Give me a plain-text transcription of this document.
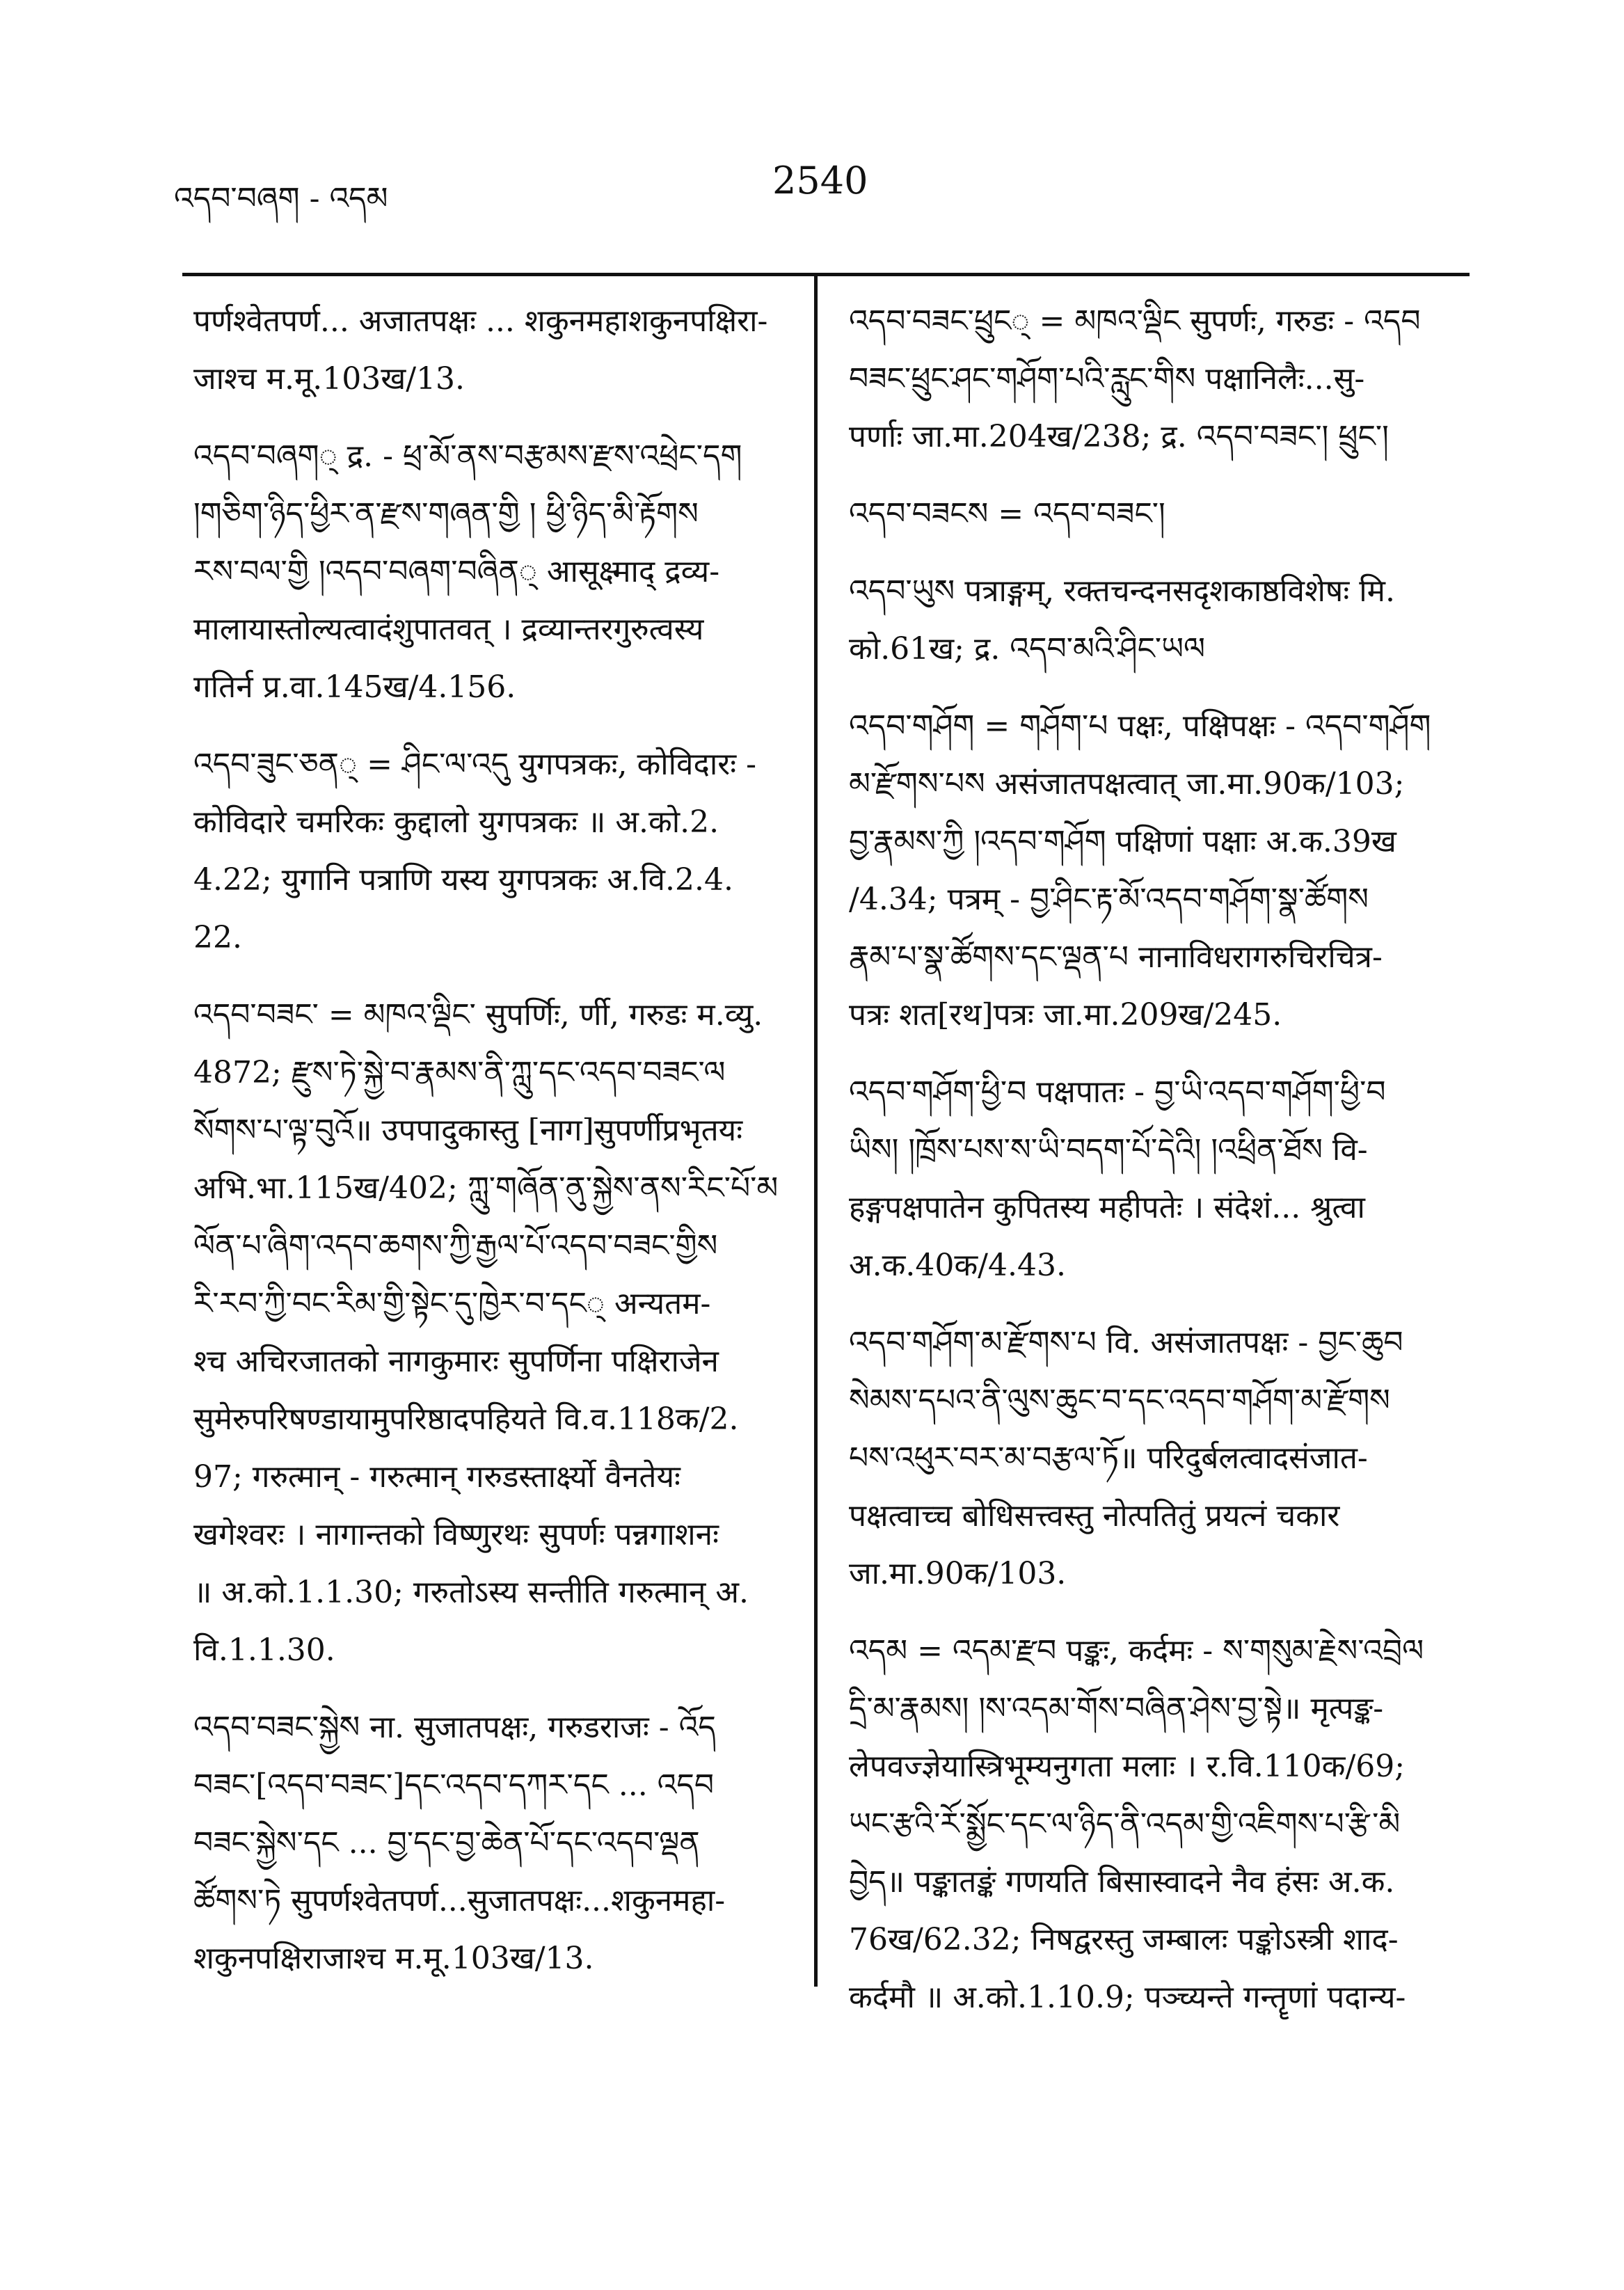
འདབ་བཞག - འདམ	2540

पर्णश्वेतपर्ण... अजातपक्षः ... शकुनमहाशकुनपक्षिरा-
जाश्च म.मू.103ख/13.

འདབ་བཞག् द्र. - ཕྲ་མོ་ནས་བརྩམས་རྫས་འཕྲེང་དག
།གཅིག་ཉིད་ཕྱིར་ན་རྫས་གཞན་གྱི ། ཕྱི་ཉིད་མི་རྟོགས
རས་བལ་གྱི །འདབ་བཞག་བཞིན् आसूक्ष्माद् द्रव्य-
मालायास्तोल्यत्वादंशुपातवत् । द्रव्यान्तरगुरुत्वस्य
गतिर्न प्र.वा.145ख/4.156.

འདབ་ཟུང་ཅན् = ཤིང་ལ་འདུ युगपत्रकः, कोविदारः -
कोविदारे चमरिकः कुद्दालो युगपत्रकः ॥ अ.को.2.
4.22; युगानि पत्राणि यस्य युगपत्रकः अ.वि.2.4.
22.

འདབ་བཟང་ = མཁའ་ལྡིང་ सुपर्णिः, र्णी, गरुडः म.व्यु.
4872; རྫུས་ཏེ་སྐྱེ་བ་རྣམས་ནི་ཀླུ་དང་འདབ་བཟང་ལ
སོགས་པ་ལྟ་བུའོ॥ उपपादुकास्तु [नाग]सुपर्णीप्रभृतयः
अभि.भा.115ख/402; ཀླུ་གཞོན་ནུ་སྐྱེས་ནས་རིང་པོ་མ
ལོན་པ་ཞིག་འདབ་ཆགས་ཀྱི་རྒྱལ་པོ་འདབ་བཟང་གྱིས
རི་རབ་ཀྱི་བང་རིམ་གྱི་སྟེང་དུ་ཁྱེར་བ་དང् अन्यतम-
श्च अचिरजातको नागकुमारः सुपर्णिना पक्षिराजेन
सुमेरुपरिषण्डायामुपरिष्ठादपहियते वि.व.118क/2.
97; गरुत्मान् - गरुत्मान् गरुडस्तार्क्ष्यो वैनतेयः
खगेश्वरः । नागान्तको विष्णुरथः सुपर्णः पन्नगाशनः
॥ अ.को.1.1.30; गरुतोऽस्य सन्तीति गरुत्मान् अ.
वि.1.1.30.

འདབ་བཟང་སྐྱེས ना. सुजातपक्षः, गरुडराजः - འོད
བཟང་[འདབ་བཟང་]དང་འདབ་དཀར་དང ... འདབ
བཟང་སྐྱེས་དང ... བྱ་དང་བྱ་ཆེན་པོ་དང་འདབ་ལྡན
ཚོགས་ཏེ सुपर्णश्वेतपर्ण...सुजातपक्षः...शकुनमहा-
शकुनपक्षिराजाश्च म.मू.103ख/13.

འདབ་བཟང་ཕྲུང् = མཁའ་ལྡིང सुपर्णः, गरुडः - འདབ
བཟང་ཕྲུང་ཤང་གཤོག་པའི་རླུང་གིས पक्षानिलैः...सु-
पर्णाः जा.मा.204ख/238; द्र. འདབ་བཟང་། ཕྲུང་།

འདབ་བཟངས = འདབ་བཟང་།

འདབ་ཡུས पत्राङ्गम्, रक्तचन्दनसदृशकाष्ठविशेषः मि.
को.61ख; द्र. འདབ་མའི་ཤིང་ཡལ

འདབ་གཤོག = གཤོག་པ पक्षः, पक्षिपक्षः - འདབ་གཤོག
མ་རྫོགས་པས असंजातपक्षत्वात् जा.मा.90क/103;
བྱ་རྣམས་ཀྱི །འདབ་གཤོག पक्षिणां पक्षाः अ.क.39ख
/4.34; पत्रम् - བྱ་ཤིང་རྟ་མོ་འདབ་གཤོག་སྣ་ཚོགས
རྣམ་པ་སྣ་ཚོགས་དང་ལྡན་པ नानाविधरागरुचिरचित्र-
पत्रः शत[रथ]पत्रः जा.मा.209ख/245.

འདབ་གཤོག་ཕྱི་བ पक्षपातः - བྱ་ཡི་འདབ་གཤོག་ཕྱི་བ
ཡིས། །ཁྲོས་པས་ས་ཡི་བདག་པོ་དེའི། །འཕྲིན་ཐོས वि-
हङ्गपक्षपातेन कुपितस्य महीपतेः । संदेशं... श्रुत्वा
अ.क.40क/4.43.

འདབ་གཤོག་མ་རྫོགས་པ वि. असंजातपक्षः - བྱང་ཆུབ
སེམས་དཔའ་ནི་ལུས་ཆུང་བ་དང་འདབ་གཤོག་མ་རྫོགས
པས་འཕུར་བར་མ་བརྩལ་ཏོ॥ परिदुर्बलत्वादसंजात-
पक्षत्वाच्च बोधिसत्त्वस्तु नोत्पतितुं प्रयत्नं चकार
जा.मा.90क/103.

འདམ = འདམ་རྫབ पङ्कः, कर्दमः - ས་གསུམ་རྗེས་འབྲེལ
དྲི་མ་རྣམས། །ས་འདམ་གོས་བཞིན་ཤེས་བྱ་སྟེ॥ मृत्पङ्क-
लेपवज्ज्ञेयास्त्रिभूम्यनुगता मलाः । र.वि.110क/69;
ཡང་རྩའི་རོ་སྨྱོང་དང་ལ་ཉིད་ནི་འདམ་གྱི་འཇིགས་པ་རྩི་མི
བྱེད॥ पङ्कातङ्कं गणयति बिसास्वादने नैव हंसः अ.क.
76ख/62.32; निषद्वरस्तु जम्बालः पङ्कोऽस्त्री शाद-
कर्दमौ ॥ अ.को.1.10.9; पञ्च्यन्ते गन्तॄणां पदान्य-
